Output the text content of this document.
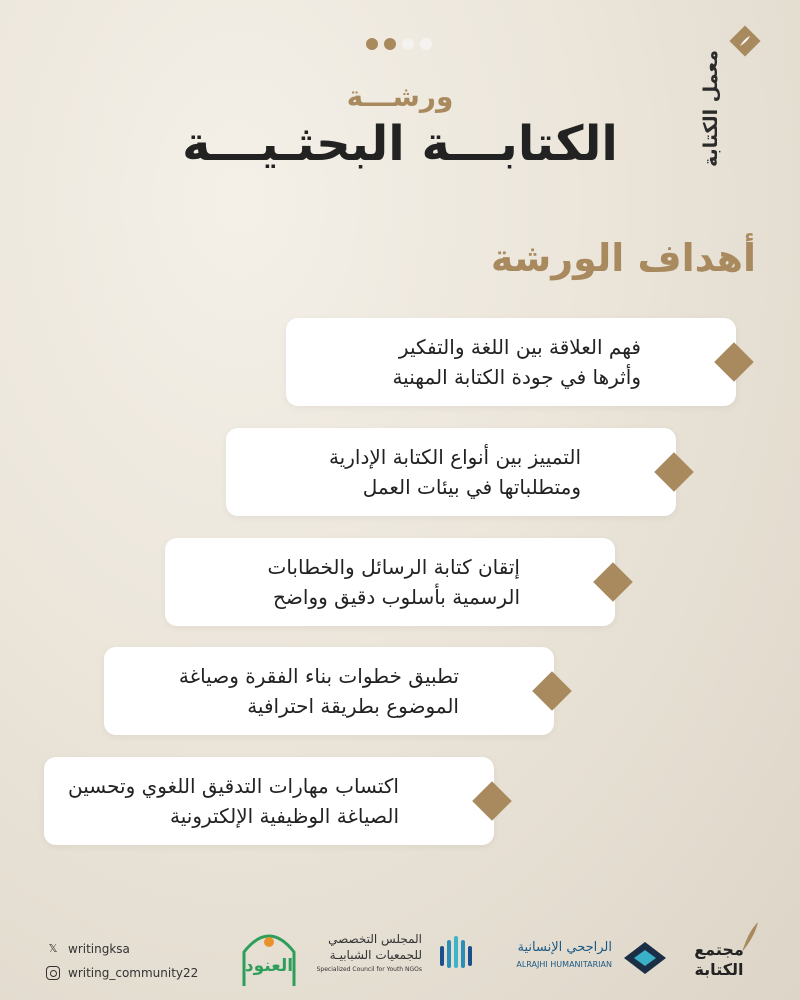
معمل الكتابة
ورشـــة
الكتابـــة البحثـيـــة
أهداف الورشة
فهم العلاقة بين اللغة والتفكير
وأثرها في جودة الكتابة المهنية
التمييز بين أنواع الكتابة الإدارية
ومتطلباتها في بيئات العمل
إتقان كتابة الرسائل والخطابات
الرسمية بأسلوب دقيق وواضح
تطبيق خطوات بناء الفقرة وصياغة
الموضوع بطريقة احترافية
اكتساب مهارات التدقيق اللغوي وتحسين
الصياغة الوظيفية الإلكترونية
𝕏 writingksa
writing_community22	العنود
المجلس التخصصي
للجمعيات الشبابيـة
Specialized Council for Youth NGOs
الراجحي الإنسانية
ALRAJHI HUMANITARIAN
مجتمع الكتابة
